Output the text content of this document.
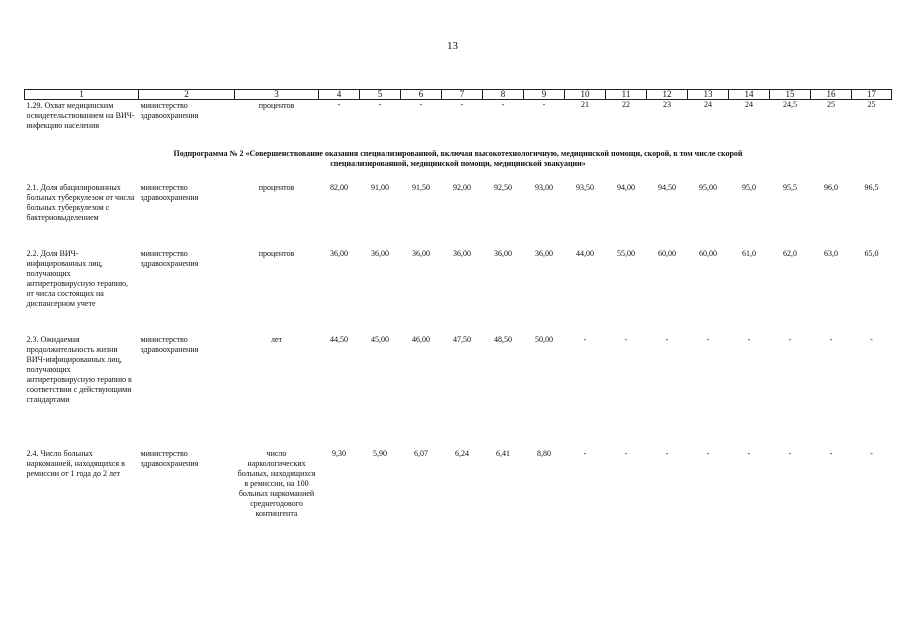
13
1	2	3	4	5	6	7	8	9	10	11	12	13	14	15	16	17
1.29. Охват медицинским освидетельствованием на ВИЧ-инфекцию населения	министерство здравоохранения	процентов	-	-	-	-	-	-	21	22	23	24	24	24,5	25	25
Подпрограмма № 2 «Совершенствование оказания специализированной, включая высокотехнологичную, медицинской помощи, скорой, в том числе скорой специализированной, медицинской помощи, медицинской эвакуации»																
2.1. Доля абацилированных больных туберкулезом от числа больных туберкулезом с бактериовыделением	министерство здравоохранения	процентов	82,00	91,00	91,50	92,00	92,50	93,00	93,50	94,00	94,50	95,00	95,0	95,5	96,0	96,5
2.2. Доля ВИЧ-инфицированных лиц, получающих антиретровирусную терапию, от числа состоящих на диспансерном учете	министерство здравоохранения	процентов	36,00	36,00	36,00	36,00	36,00	36,00	44,00	55,00	60,00	60,00	61,0	62,0	63,0	65,0
2.3. Ожидаемая продолжительность жизни ВИЧ-инфицированных лиц, получающих антиретровирусную терапию в соответствии с действующими стандартами	министерство здравоохранения	лет	44,50	45,00	46,00	47,50	48,50	50,00	-	-	-	-	-	-	-	-
2.4. Число больных наркоманией, находящихся в ремиссии от 1 года до 2 лет	министерство здравоохранения	число наркологических больных, находящихся в ремиссии, на 100 больных наркоманией среднегодового контингента	9,30	5,90	6,07	6,24	6,41	8,80	-	-	-	-	-	-	-	-
